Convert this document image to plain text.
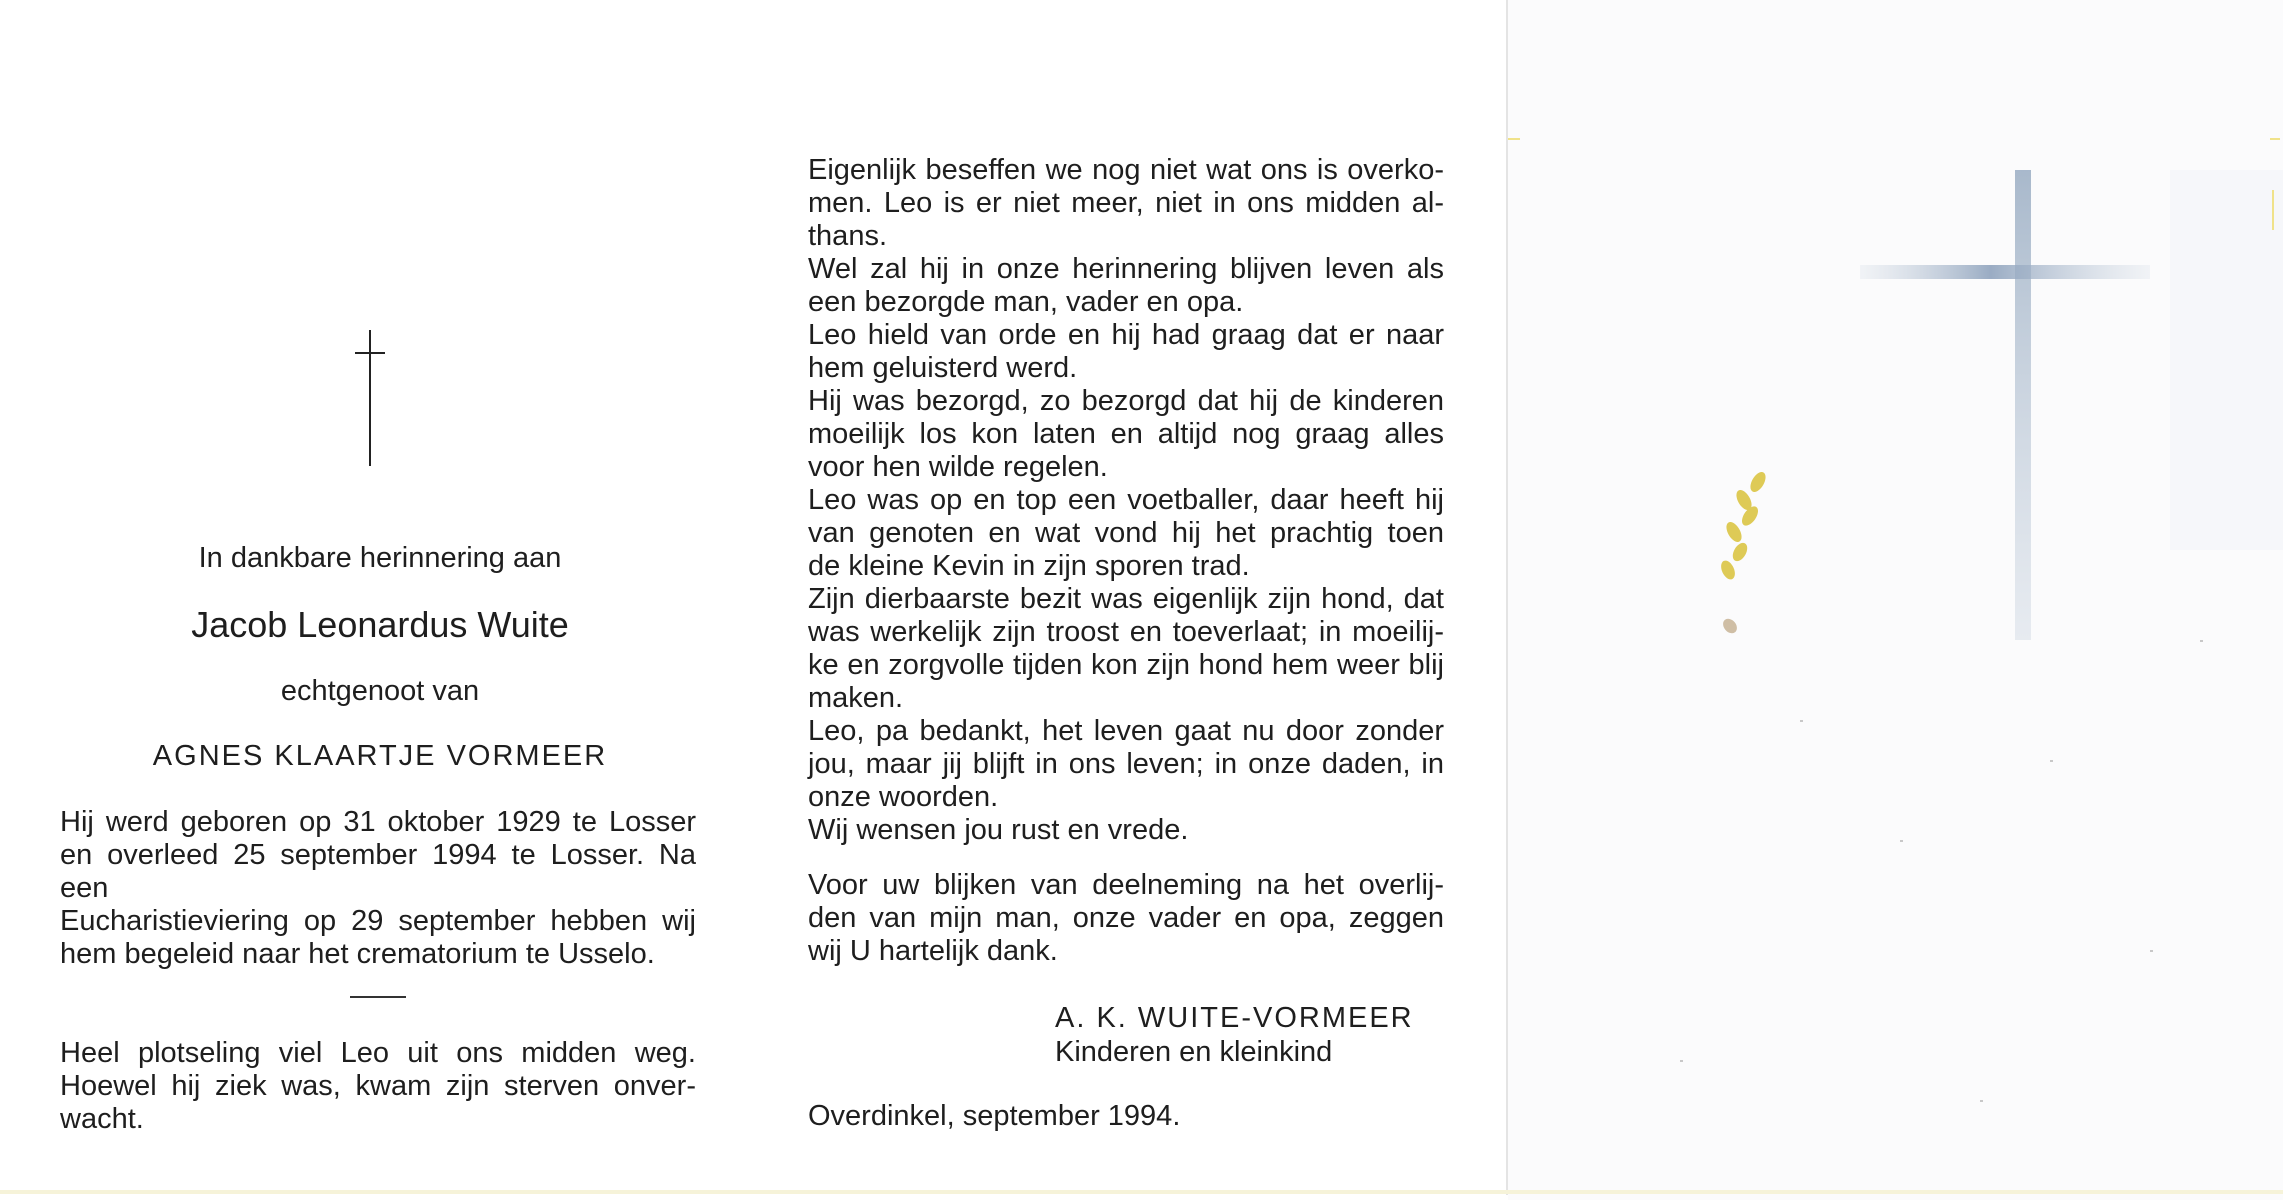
In dankbare herinnering aan
Jacob Leonardus Wuite
echtgenoot van
AGNES KLAARTJE VORMEER
Hij werd geboren op 31 oktober 1929 te Losser
en overleed 25 september 1994 te Losser. Na een
Eucharistieviering op 29 september hebben wij
hem begeleid naar het crematorium te Usselo.
Heel plotseling viel Leo uit ons midden weg.
Hoewel hij ziek was, kwam zijn sterven onver-
wacht.
Eigenlijk beseffen we nog niet wat ons is overko-
men. Leo is er niet meer, niet in ons midden al-
thans.
Wel zal hij in onze herinnering blijven leven als
een bezorgde man, vader en opa.
Leo hield van orde en hij had graag dat er naar
hem geluisterd werd.
Hij was bezorgd, zo bezorgd dat hij de kinderen
moeilijk los kon laten en altijd nog graag alles
voor hen wilde regelen.
Leo was op en top een voetballer, daar heeft hij
van genoten en wat vond hij het prachtig toen
de kleine Kevin in zijn sporen trad.
Zijn dierbaarste bezit was eigenlijk zijn hond, dat
was werkelijk zijn troost en toeverlaat; in moeilij-
ke en zorgvolle tijden kon zijn hond hem weer blij
maken.
Leo, pa bedankt, het leven gaat nu door zonder
jou, maar jij blijft in ons leven; in onze daden, in
onze woorden.
Wij wensen jou rust en vrede.
Voor uw blijken van deelneming na het overlij-
den van mijn man, onze vader en opa, zeggen
wij U hartelijk dank.
A. K. WUITE-VORMEER
Kinderen en kleinkind
Overdinkel, september 1994.
